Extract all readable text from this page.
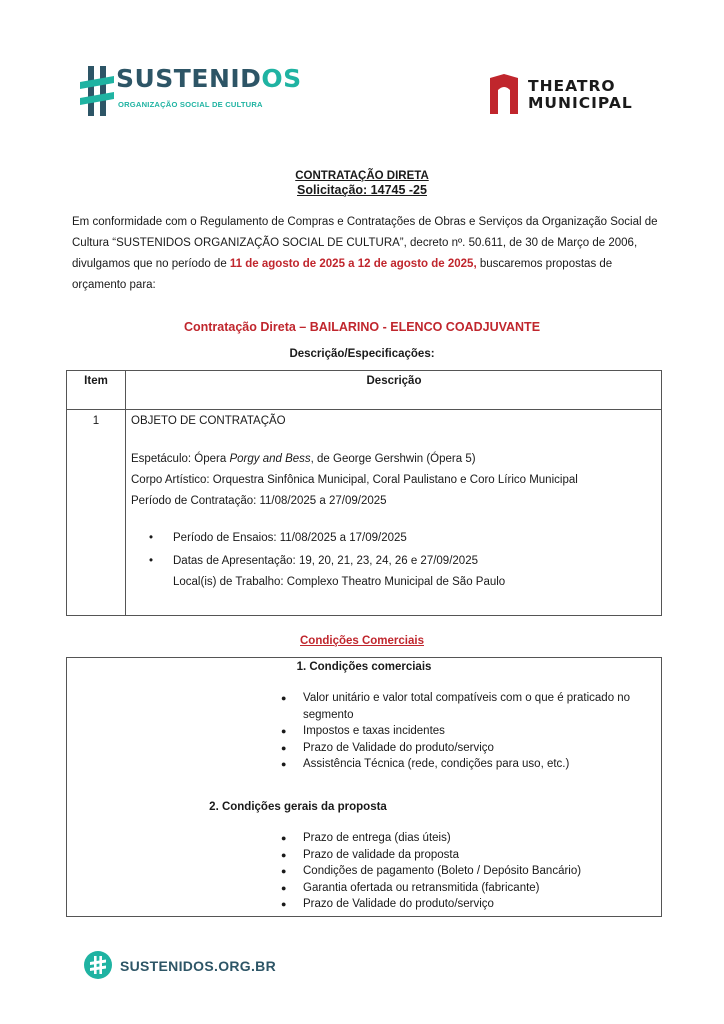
SUSTENIDOS
ORGANIZAÇÃO SOCIAL DE CULTURA
THEATRO
MUNICIPAL
CONTRATAÇÃO DIRETA
Solicitação: 14745 -25
Em conformidade com o Regulamento de Compras e Contratações de Obras e Serviços da Organização Social de Cultura “SUSTENIDOS ORGANIZAÇÃO SOCIAL DE CULTURA”, decreto nº. 50.611, de 30 de Março de 2006, divulgamos que no período de 11 de agosto de 2025 a 12 de agosto de 2025, buscaremos propostas de orçamento para:
Contratação Direta – BAILARINO - ELENCO COADJUVANTE
Descrição/Especificações:
Item	Descrição
1	OBJETO DE CONTRATAÇÃO
Espetáculo: Ópera Porgy and Bess, de George Gershwin (Ópera 5)
Corpo Artístico: Orquestra Sinfônica Municipal, Coral Paulistano e Coro Lírico Municipal
Período de Contratação: 11/08/2025 a 27/09/2025
• Período de Ensaios: 11/08/2025 a 17/09/2025
• Datas de Apresentação: 19, 20, 21, 23, 24, 26 e 27/09/2025
Local(is) de Trabalho: Complexo Theatro Municipal de São Paulo
Condições Comerciais
1. Condições comerciais
● Valor unitário e valor total compatíveis com o que é praticado no
segmento
● Impostos e taxas incidentes
● Prazo de Validade do produto/serviço
● Assistência Técnica (rede, condições para uso, etc.)
2. Condições gerais da proposta
● Prazo de entrega (dias úteis)
● Prazo de validade da proposta
● Condições de pagamento (Boleto / Depósito Bancário)
● Garantia ofertada ou retransmitida (fabricante)
● Prazo de Validade do produto/serviço
SUSTENIDOS.ORG.BR
